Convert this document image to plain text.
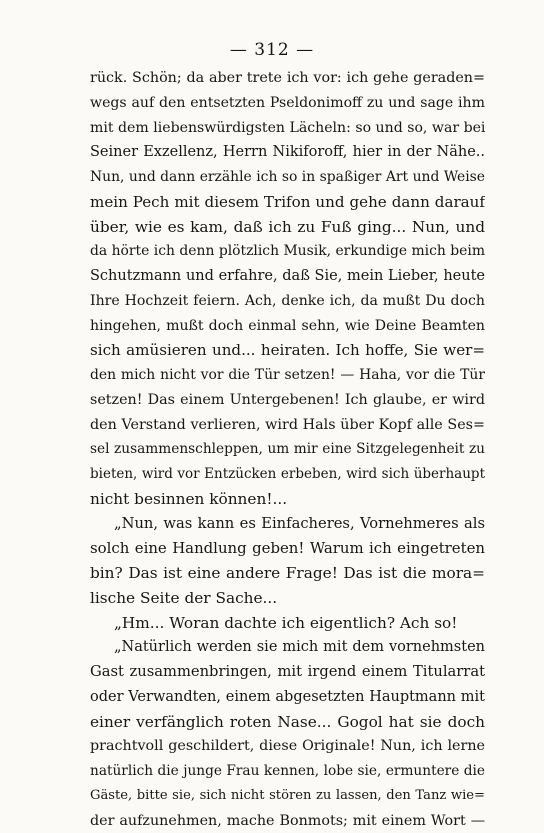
— 312 —
rück. Schön; da aber trete ich vor: ich gehe geraden=
wegs auf den entsetzten Pseldonimoff zu und sage ihm
mit dem liebenswürdigsten Lächeln: so und so, war bei
Seiner Exzellenz, Herrn Nikiforoff, hier in der Nähe..
Nun, und dann erzähle ich so in spaßiger Art und Weise
mein Pech mit diesem Trifon und gehe dann darauf
über, wie es kam, daß ich zu Fuß ging... Nun, und
da hörte ich denn plötzlich Musik, erkundige mich beim
Schutzmann und erfahre, daß Sie, mein Lieber, heute
Ihre Hochzeit feiern. Ach, denke ich, da mußt Du doch
hingehen, mußt doch einmal sehn, wie Deine Beamten
sich amüsieren und... heiraten. Ich hoffe, Sie wer=
den mich nicht vor die Tür setzen! — Haha, vor die Tür
setzen! Das einem Untergebenen! Ich glaube, er wird
den Verstand verlieren, wird Hals über Kopf alle Ses=
sel zusammenschleppen, um mir eine Sitzgelegenheit zu
bieten, wird vor Entzücken erbeben, wird sich überhaupt
nicht besinnen können!...
„Nun, was kann es Einfacheres, Vornehmeres als
solch eine Handlung geben! Warum ich eingetreten
bin? Das ist eine andere Frage! Das ist die mora=
lische Seite der Sache...
„Hm... Woran dachte ich eigentlich? Ach so!
„Natürlich werden sie mich mit dem vornehmsten
Gast zusammenbringen, mit irgend einem Titularrat
oder Verwandten, einem abgesetzten Hauptmann mit
einer verfänglich roten Nase... Gogol hat sie doch
prachtvoll geschildert, diese Originale! Nun, ich lerne
natürlich die junge Frau kennen, lobe sie, ermuntere die
Gäste, bitte sie, sich nicht stören zu lassen, den Tanz wie=
der aufzunehmen, mache Bonmots; mit einem Wort —
